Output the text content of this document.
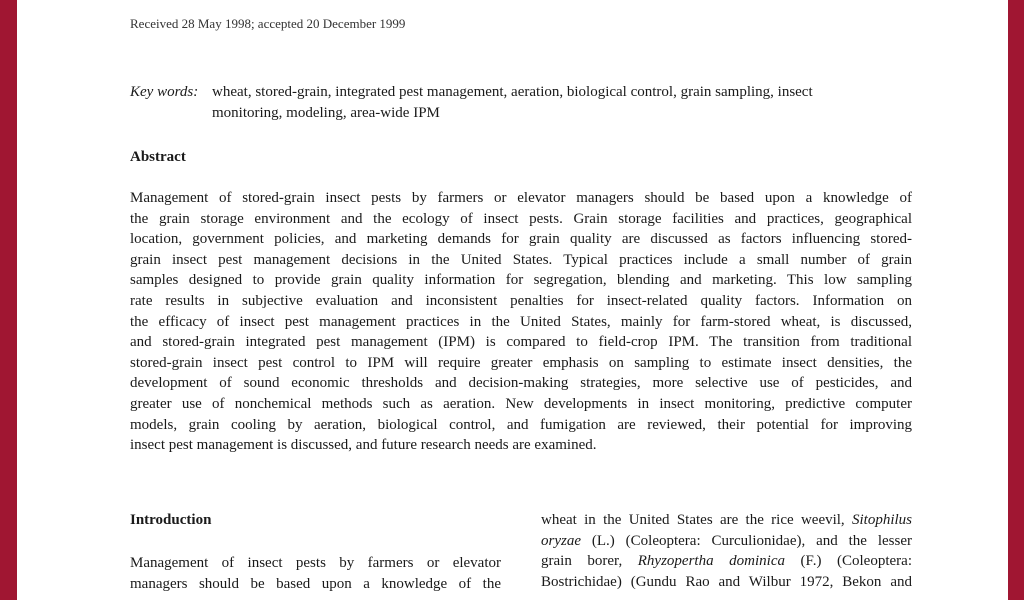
Received 28 May 1998; accepted 20 December 1999

Key words: wheat, stored-grain, integrated pest management, aeration, biological control, grain sampling, insect

monitoring, modeling, area-wide IPM

Abstract

Management of stored-grain insect pests by farmers or elevator managers should be based upon a knowledge of
the grain storage environment and the ecology of insect pests. Grain storage facilities and practices, geographical
location, government policies, and marketing demands for grain quality are discussed as factors influencing stored-
grain insect pest management decisions in the United States. Typical practices include a small number of grain
samples designed to provide grain quality information for segregation, blending and marketing. This low sampling
rate results in subjective evaluation and inconsistent penalties for insect-related quality factors. Information on
the efficacy of insect pest management practices in the United States, mainly for farm-stored wheat, is discussed,
and stored-grain integrated pest management (IPM) is compared to field-crop IPM. The transition from traditional
stored-grain insect pest control to IPM will require greater emphasis on sampling to estimate insect densities, the
development of sound economic thresholds and decision-making strategies, more selective use of pesticides, and
greater use of nonchemical methods such as aeration. New developments in insect monitoring, predictive computer
models, grain cooling by aeration, biological control, and fumigation are reviewed, their potential for improving
insect pest management is discussed, and future research needs are examined.

Introduction

Management of insect pests by farmers or elevator
managers should be based upon a knowledge of the
wheat in the United States are the rice weevil, Sitophilus
oryzae (L.) (Coleoptera: Curculionidae), and the lesser
grain borer, Rhyzopertha dominica (F.) (Coleoptera:
Bostrichidae) (Gundu Rao and Wilbur 1972, Bekon and
